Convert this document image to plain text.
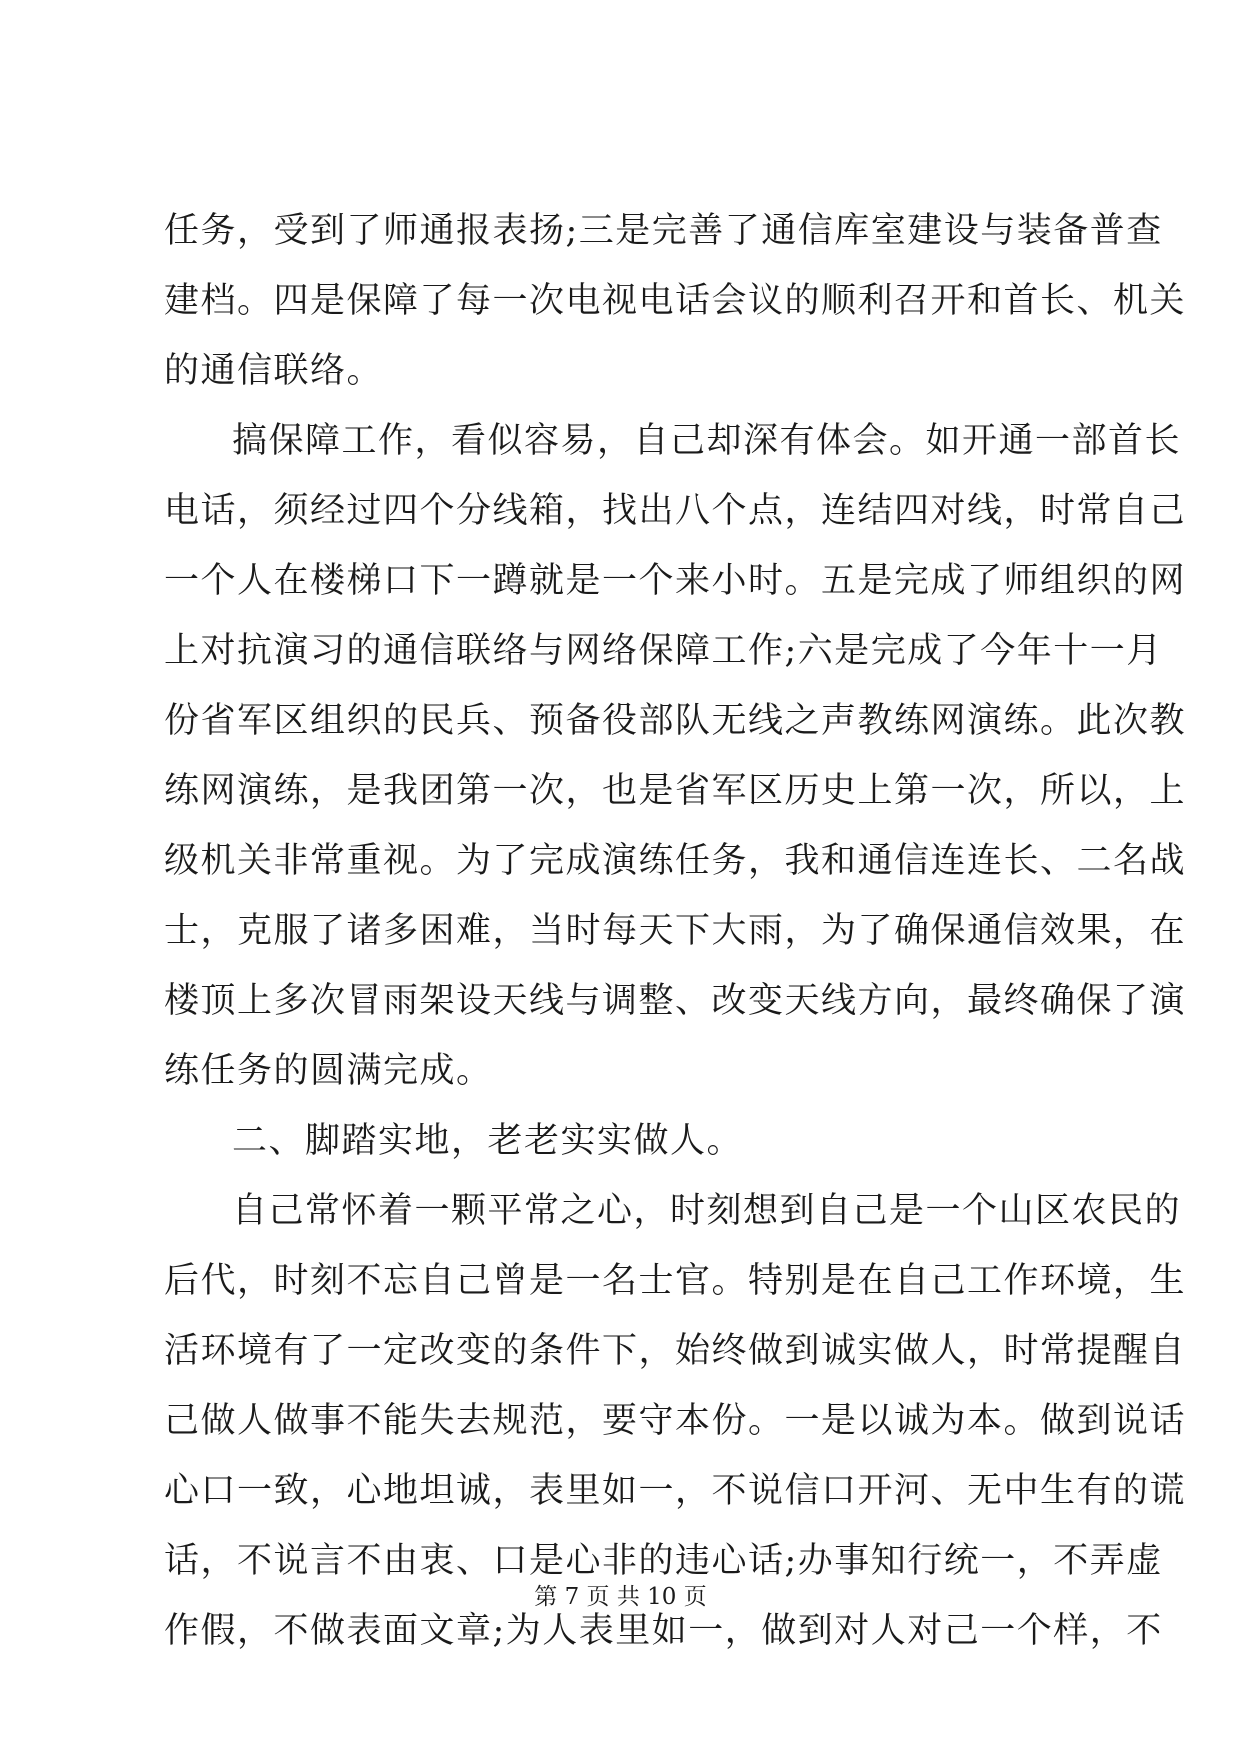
任务，受到了师通报表扬;三是完善了通信库室建设与装备普查
建档。四是保障了每一次电视电话会议的顺利召开和首长、机关
的通信联络。
搞保障工作，看似容易，自己却深有体会。如开通一部首长
电话，须经过四个分线箱，找出八个点，连结四对线，时常自己
一个人在楼梯口下一蹲就是一个来小时。五是完成了师组织的网
上对抗演习的通信联络与网络保障工作;六是完成了今年十一月
份省军区组织的民兵、预备役部队无线之声教练网演练。此次教
练网演练，是我团第一次，也是省军区历史上第一次，所以，上
级机关非常重视。为了完成演练任务，我和通信连连长、二名战
士，克服了诸多困难，当时每天下大雨，为了确保通信效果，在
楼顶上多次冒雨架设天线与调整、改变天线方向，最终确保了演
练任务的圆满完成。
二、脚踏实地，老老实实做人。
自己常怀着一颗平常之心，时刻想到自己是一个山区农民的
后代，时刻不忘自己曾是一名士官。特别是在自己工作环境，生
活环境有了一定改变的条件下，始终做到诚实做人，时常提醒自
己做人做事不能失去规范，要守本份。一是以诚为本。做到说话
心口一致，心地坦诚，表里如一，不说信口开河、无中生有的谎
话，不说言不由衷、口是心非的违心话;办事知行统一，不弄虚
作假，不做表面文章;为人表里如一，做到对人对己一个样，不
第 7 页 共 10 页
